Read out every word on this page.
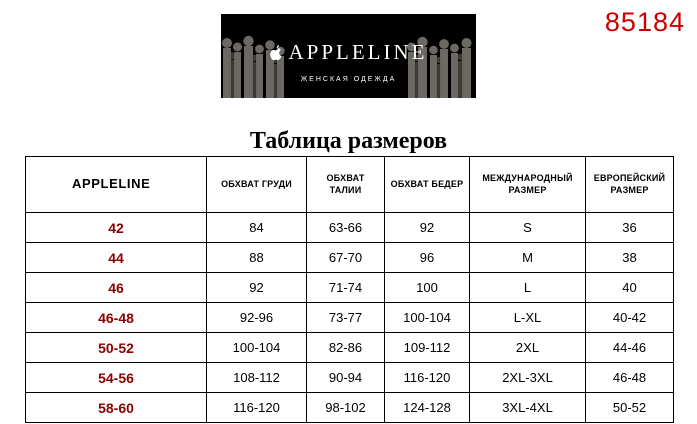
APPLELINE
ЖЕНСКАЯ ОДЕЖДА
85184
Таблица размеров
APPLELINE	ОБХВАТ ГРУДИ	ОБХВАТ ТАЛИИ	ОБХВАТ БЕДЕР	МЕЖДУНАРОДНЫЙ РАЗМЕР	ЕВРОПЕЙСКИЙ РАЗМЕР
42	84	63-66	92	S	36
44	88	67-70	96	M	38
46	92	71-74	100	L	40
46-48	92-96	73-77	100-104	L-XL	40-42
50-52	100-104	82-86	109-112	2XL	44-46
54-56	108-112	90-94	116-120	2XL-3XL	46-48
58-60	116-120	98-102	124-128	3XL-4XL	50-52
